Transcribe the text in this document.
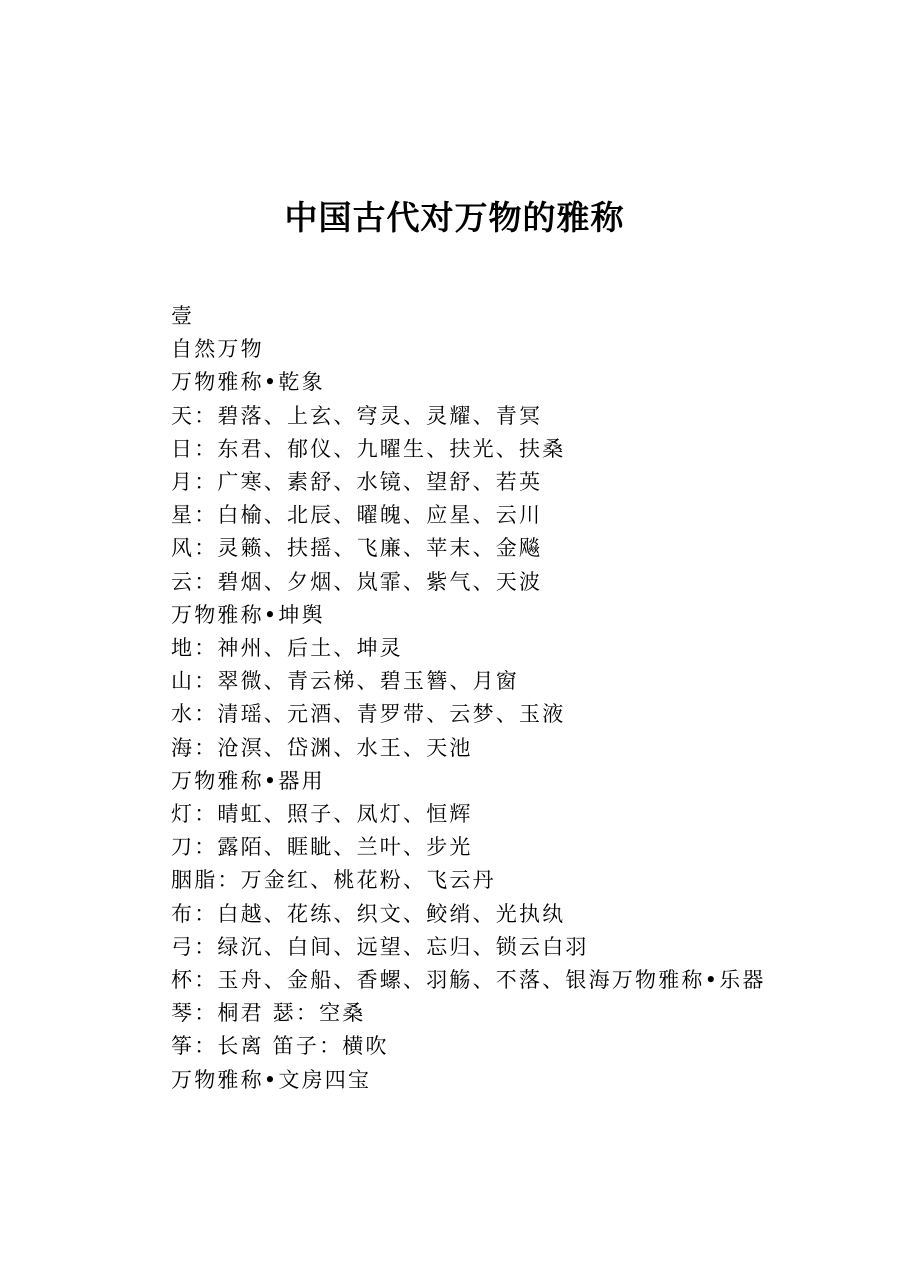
中国古代对万物的雅称
壹
自然万物
万物雅称•乾象
天：碧落、上玄、穹灵、灵耀、青冥
日：东君、郁仪、九曜生、扶光、扶桑
月：广寒、素舒、水镜、望舒、若英
星：白榆、北辰、曜魄、应星、云川
风：灵籁、扶摇、飞廉、苹末、金飚
云：碧烟、夕烟、岚霏、紫气、天波
万物雅称•坤舆
地：神州、后土、坤灵
山：翠微、青云梯、碧玉簪、月窗
水：清瑶、元酒、青罗带、云梦、玉液
海：沧溟、岱渊、水王、天池
万物雅称•器用
灯：晴虹、照子、凤灯、恒辉
刀：露陌、睚眦、兰叶、步光
胭脂：万金红、桃花粉、飞云丹
布：白越、花练、织文、鲛绡、光执纨
弓：绿沉、白间、远望、忘归、锁云白羽
杯：玉舟、金船、香螺、羽觞、不落、银海万物雅称•乐器
琴：桐君 瑟：空桑
筝：长离 笛子：横吹
万物雅称•文房四宝
